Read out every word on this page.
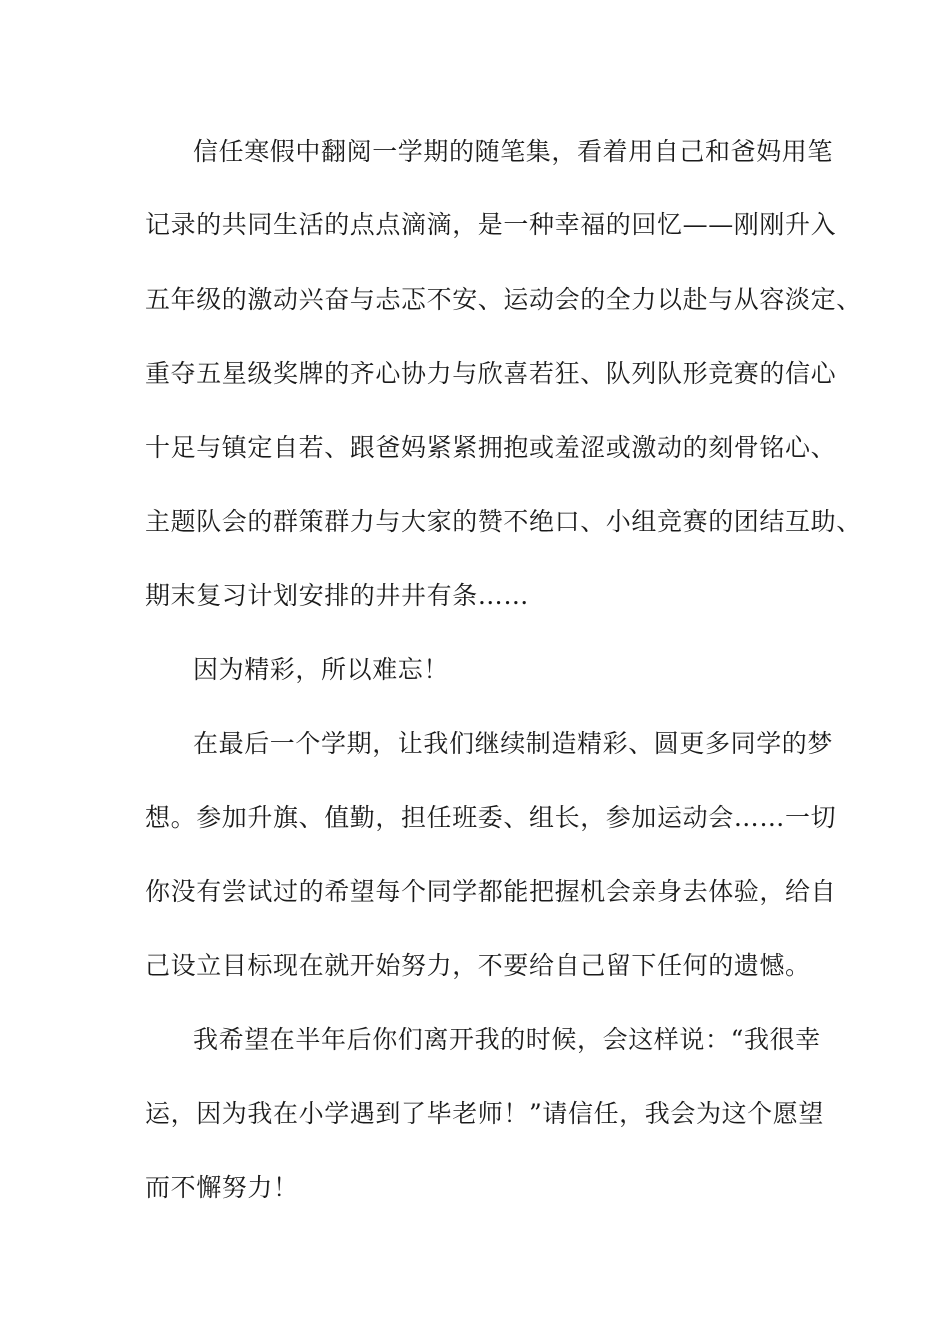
信任寒假中翻阅一学期的随笔集，看着用自己和爸妈用笔
记录的共同生活的点点滴滴，是一种幸福的回忆——刚刚升入
五年级的激动兴奋与忐忑不安、运动会的全力以赴与从容淡定、
重夺五星级奖牌的齐心协力与欣喜若狂、队列队形竞赛的信心
十足与镇定自若、跟爸妈紧紧拥抱或羞涩或激动的刻骨铭心、
主题队会的群策群力与大家的赞不绝口、小组竞赛的团结互助、
期末复习计划安排的井井有条……
因为精彩，所以难忘！
在最后一个学期，让我们继续制造精彩、圆更多同学的梦
想。参加升旗、值勤，担任班委、组长，参加运动会……一切
你没有尝试过的希望每个同学都能把握机会亲身去体验，给自
己设立目标现在就开始努力，不要给自己留下任何的遗憾。
我希望在半年后你们离开我的时候，会这样说：“我很幸
运，因为我在小学遇到了毕老师！”请信任，我会为这个愿望
而不懈努力！
